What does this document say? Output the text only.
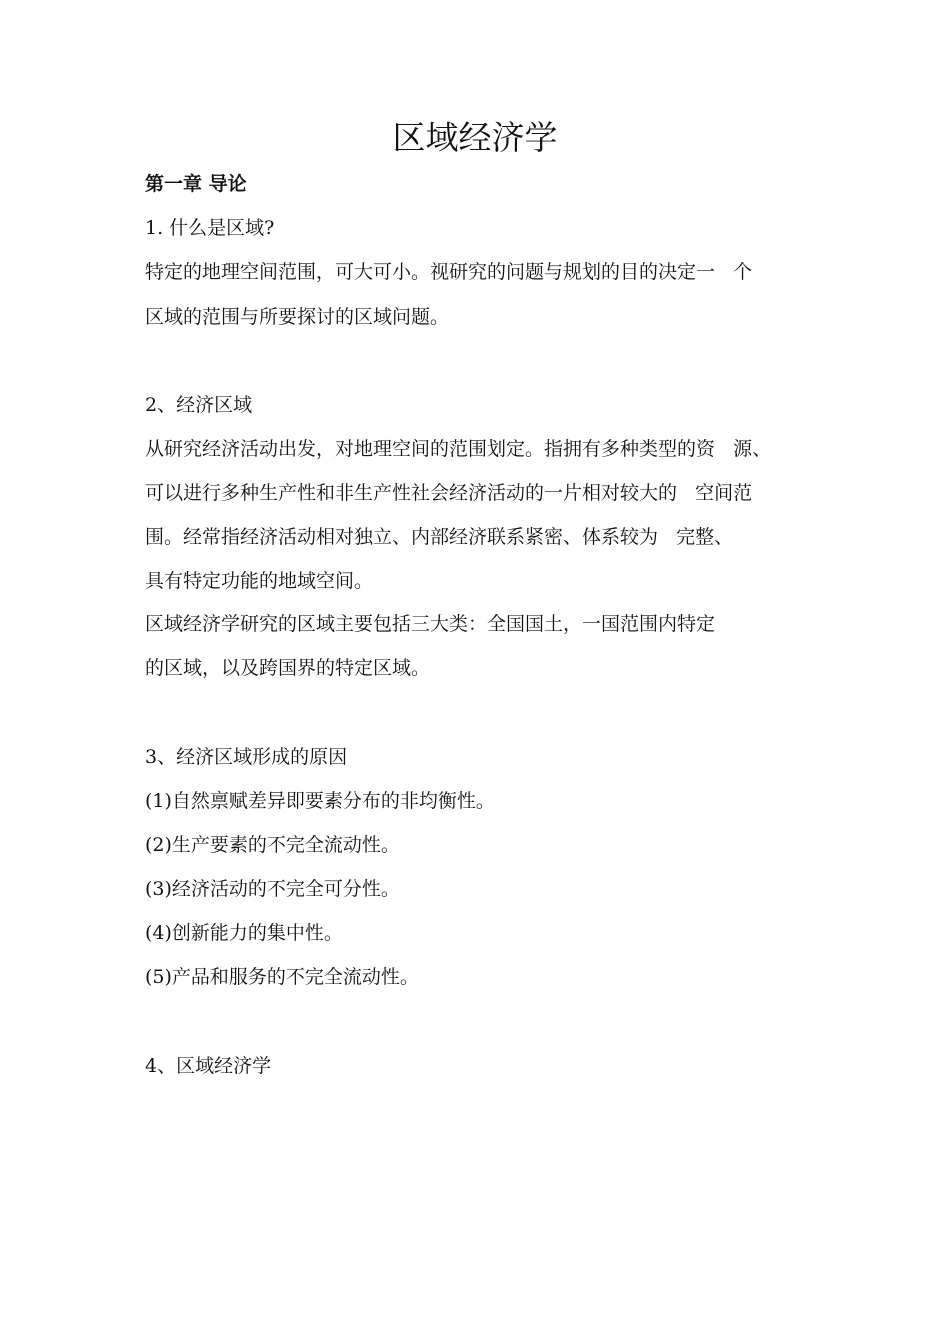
区域经济学
第一章 导论
1. 什么是区域?
特定的地理空间范围，可大可小。视研究的问题与规划的目的决定一   个
区域的范围与所要探讨的区域问题。
2、经济区域
从研究经济活动出发，对地理空间的范围划定。指拥有多种类型的资   源、
可以进行多种生产性和非生产性社会经济活动的一片相对较大的   空间范
围。经常指经济活动相对独立、内部经济联系紧密、体系较为   完整、
具有特定功能的地域空间。
区域经济学研究的区域主要包括三大类：全国国土，一国范围内特定
的区域，以及跨国界的特定区域。
3、经济区域形成的原因
(1)自然禀赋差异即要素分布的非均衡性。
(2)生产要素的不完全流动性。
(3)经济活动的不完全可分性。
(4)创新能力的集中性。
(5)产品和服务的不完全流动性。
4、区域经济学
